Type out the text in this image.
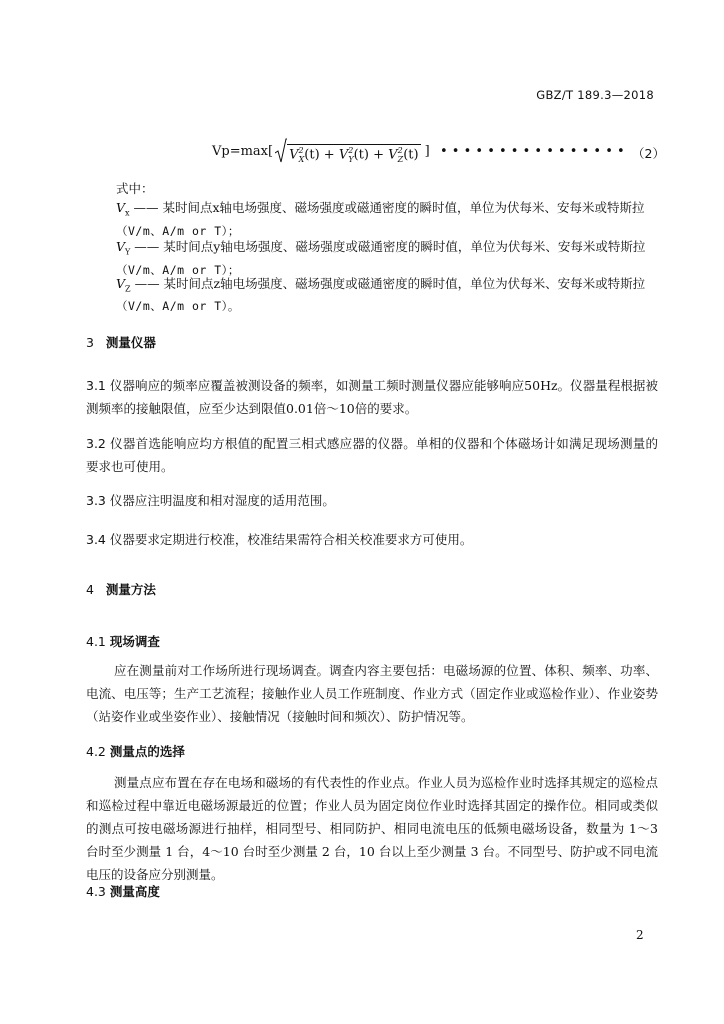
GBZ/T 189.3—2018
Vp=max[ $V^2_X(t) + V^2_Y(t) + V^2_Z(t)$ ] • • • • • • • • • • • • • • • • （2）
式中：
$V_x$ —— 某时间点x轴电场强度、磁场强度或磁通密度的瞬时值，单位为伏每米、安每米或特斯拉
（V/m、A/m or T）；
$V_Y$ —— 某时间点y轴电场强度、磁场强度或磁通密度的瞬时值，单位为伏每米、安每米或特斯拉
（V/m、A/m or T）；
$V_Z$ —— 某时间点z轴电场强度、磁场强度或磁通密度的瞬时值，单位为伏每米、安每米或特斯拉
（V/m、A/m or T）。
3 测量仪器
3.1 仪器响应的频率应覆盖被测设备的频率，如测量工频时测量仪器应能够响应50Hz。仪器量程根据被测频率的接触限值，应至少达到限值0.01倍～10倍的要求。
3.2 仪器首选能响应均方根值的配置三相式感应器的仪器。单相的仪器和个体磁场计如满足现场测量的要求也可使用。
3.3 仪器应注明温度和相对湿度的适用范围。
3.4 仪器要求定期进行校准，校准结果需符合相关校准要求方可使用。
4 测量方法
4.1 现场调查
应在测量前对工作场所进行现场调查。调查内容主要包括：电磁场源的位置、体积、频率、功率、电流、电压等；生产工艺流程；接触作业人员工作班制度、作业方式（固定作业或巡检作业）、作业姿势（站姿作业或坐姿作业）、接触情况（接触时间和频次）、防护情况等。
4.2 测量点的选择
测量点应布置在存在电场和磁场的有代表性的作业点。作业人员为巡检作业时选择其规定的巡检点和巡检过程中靠近电磁场源最近的位置；作业人员为固定岗位作业时选择其固定的操作位。相同或类似的测点可按电磁场源进行抽样，相同型号、相同防护、相同电流电压的低频电磁场设备，数量为 1～3 台时至少测量 1 台，4～10 台时至少测量 2 台，10 台以上至少测量 3 台。不同型号、防护或不同电流电压的设备应分别测量。
4.3 测量高度
2
